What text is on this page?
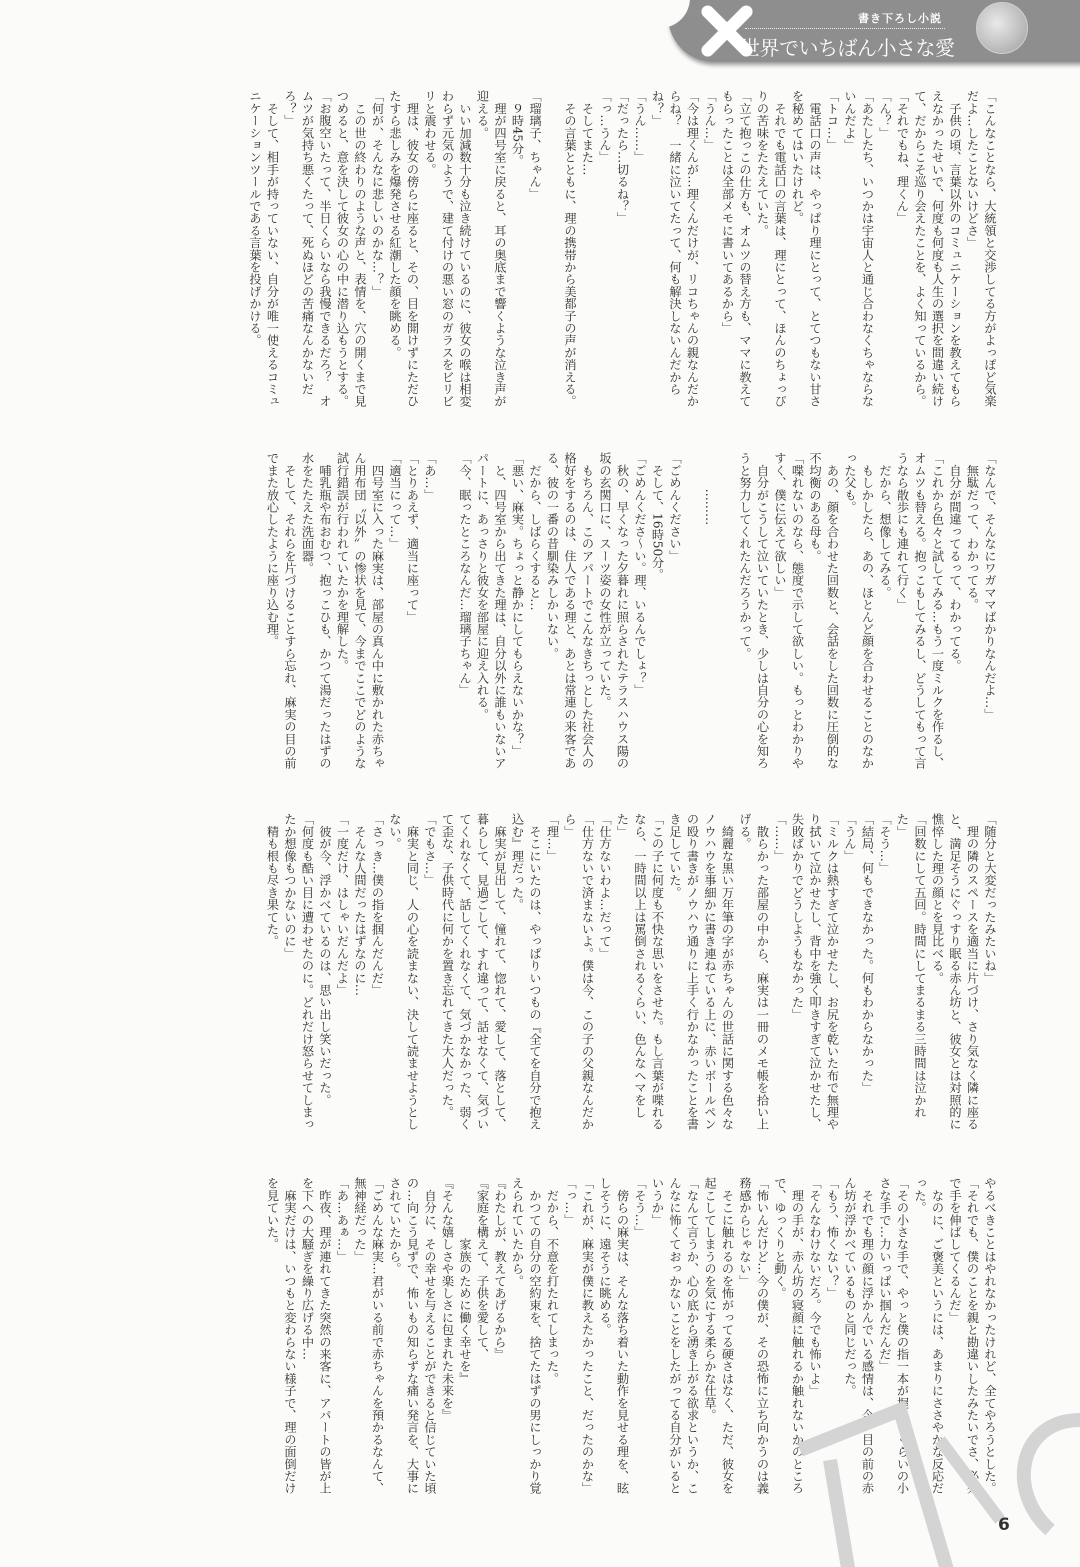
書き下ろし小説
世界でいちばん小さな愛

「こんなことなら、大統領と交渉してる方がよっぽど気楽だよ…したことないけどさ」

　子供の頃、言葉以外のコミュニケーションを教えてもらえなかったせいで、何度も何度も人生の選択を間違い続けて、だからこそ巡り会えたことを、よく知っているから。

「それでもね、理くん」

「ん？」

「あたしたち、いつかは宇宙人と通じ合わなくちゃならないんだよ」

「トコ…」

　電話口の声は、やっぱり理にとって、とてつもない甘さを秘めてはいたけれど。

　それでも電話口の言葉は、理にとって、ほんのちょっぴりの苦味をたたえていた。

「立て抱っこの仕方も、オムツの替え方も、ママに教えてもらったことは全部メモに書いてあるから」

「うん…」

「今は理くんが…理くんだけが、リコちゃんの親なんだからね？　一緒に泣いてたって、何も解決しないんだからね？」

「うん……」

「だったら…切るね？」

「っ…うん」

　そしてまた…

　その言葉とともに、理の携帯から美都子の声が消える。

「瑠璃子、ちゃん」

　９時45分。

　理が四号室に戻ると、耳の奥底まで響くような泣き声が迎える。

　いい加減数十分も泣き続けているのに、彼女の喉は相変わらず元気のようで、建て付けの悪い窓のガラスをビリビリと震わせる。

　理は、彼女の傍らに座ると、その、目を開けずにただひたすら悲しみを爆発させる紅潮した顔を眺める。

「何が、そんなに悲しいのかな…？」

　この世の終わりのような声と、表情を、穴の開くまで見つめると、意を決して彼女の心の中に潜り込もうとする。

「お腹空いたって、半日くらいなら我慢できるだろ？　オムツが気持ち悪くたって、死ぬほどの苦痛なんかないだろ？」

　そして、相手が持っていない、自分が唯一使えるコミュニケーションツールである言葉を投げかける。

「なんで、そんなにワガママばかりなんだよ…」

　無駄だって、わかってる。

　自分が間違ってるって、わかってる。

「これから色々と試してみる…もう一度ミルクを作るし、オムツも替える。抱っこもしてみるし、どうしてもって言うなら散歩にも連れて行く」

　だから、想像してみる。

　もしかしたら、あの、ほとんど顔を合わせることのなかった父も。

　あの、顔を合わせた回数と、会話をした回数に圧倒的な不均衡のある母も。

「喋れないのなら、態度で示して欲しい。もっとわかりやすく、僕に伝えて欲しい」

　自分がこうして泣いていたとき、少しは自分の心を知ろうと努力してくれたんだろうかって。

　　　………

「ごめんください」

　そして、16時50分。

「ごめんくださ～い。理、いるんでしょ？」

　秋の、早くなった夕暮れに照らされたテラスハウス陽の坂の玄関口に、スーツ姿の女性が立っていた。

　もちろん、このアパートでこんなきちっとした社会人の格好をするのは、住人である理と、あとは常連の来客である、彼の一番の昔馴染みしかいない。

　だから、しばらくすると…

「悪い、麻実。ちょっと静かにしてもらえないかな？」

　と、四号室から出てきた理は、自分以外に誰もいないアパートに、あっさりと彼女を部屋に迎え入れる。

「今、眠ったところなんだ…瑠璃子ちゃん」

「あ…」

「とりあえず、適当に座って」

「適当にって…」

　四号室に入った麻実は、部屋の真ん中に敷かれた赤ちゃん用布団〝以外〟の惨状を見て、今までここでどのような試行錯誤が行われていたかを理解した。

　哺乳瓶や布おむつ、抱っこひも、かつて湯だったはずの水をたたえた洗面器。

　そして、それらを片づけることすら忘れ、麻実の目の前でまた放心したように座り込む理。

「随分と大変だったみたいね」

　理の隣のスペースを適当に片づけ、さり気なく隣に座ると、満足そうにぐっすり眠る赤ん坊と、彼女とは対照的に憔悴した理の顔とを見比べる。

「回数にして五回。時間にしてまるまる三時間は泣かれた」

「そう…」

「結局、何もできなかった。何もわからなかった」

「うん」

「ミルクは熱すぎて泣かせたし、お尻を乾いた布で無理やり拭いて泣かせたし、背中を強く叩きすぎて泣かせたし、失敗ばかりでどうしようもなかった」

「……」

　散らかった部屋の中から、麻実は一冊のメモ帳を拾い上げる。

　綺麗な黒い万年筆の字が赤ちゃんの世話に関する色々なノウハウを事細かに書き連ねている上に、赤いボールペンの殴り書きがノウハウ通りに上手く行かなかったことを書き足していた。

「この子に何度も不快な思いをさせた。もし言葉が喋れるなら、一時間以上は罵倒されるくらい、色んなヘマをした」

「仕方ないわよ…だって」

「仕方ないで済まないよ。僕は今、この子の父親なんだから」

「理…」

　そこにいたのは、やっぱりいつもの『全てを自分で抱え込む』理だった。

　麻実が見出して、憧れて、惚れて、愛して、落として、暮らして、見過ごして、すれ違って、話せなくて、気づいてくれなくて、話してくれなくて、気づかなかった、弱くて歪な、子供時代に何かを置き忘れてきた大人だった。

「でもさ…」

　麻実と同じ、人の心を読まない、決して読ませようとしない。

「さっき…僕の指を掴んだんだ」

　そんな人間だったはずなのに…

「一度だけ、はしゃいだんだよ」

　彼が今、浮かべているのは、思い出し笑いだった。

「何度も酷い目に遭わせたのに。どれだけ怒らせてしまったか想像もつかないのに」

　精も根も尽き果てた。

やるべきことはやれなかったけれど、全てやろうとした。

「それでも、僕のことを親と勘違いしたみたいでさ、必死で手を伸ばしてくるんだ」

　なのに、ご褒美というには、あまりにささやかな反応だった。

「その小さな手で、やっと僕の指一本が握れるくらいの小さな手で…力いっぱい掴んだんだ」

　それでも理の顔に浮かんでいる感情は、今、目の前の赤ん坊が浮かべているものと同じだった。

「もう、怖くない？」

「そんなわけないだろ。今でも怖いよ」

　理の手が、赤ん坊の寝顔に触れるか触れないかのところで、ゆっくりと動く。

「怖いんだけど…今の僕が、その恐怖に立ち向かうのは義務感からじゃない」

　そこに触れるのを怖がってる硬さはなく、ただ、彼女を起こしてしまうのを気にする柔らかな仕草。

「なんて言うか、心の底から湧き上がる欲求というか、こんなに怖くておっかないことをしたがってる自分がいるというか」

「そう…」

　傍らの麻実は、そんな落ち着いた動作を見せる理を、眩しそうに、遠そうに眺める。

「これが、麻実が僕に教えたかったこと、だったのかな」

「っ…」

　だから、不意を打たれてしまった。

　かつての自分の空約束を、捨てたはずの男にしっかり覚えられていたから。

『わたしが、教えてあげるから』

『家庭を構えて、子供を愛して、

　　　　　家族のために働く幸せを』

『そんな嬉しさや楽しさに包まれた未来を』

　自分に、その幸せを与えることができると信じていた頃の…向こう見ずで、怖いもの知らずな痛い発言を、大事にされていたから。

「ごめんな麻実…君がいる前で赤ちゃんを預かるなんて、無神経だった」

「あ…あぁ…」

　昨夜、理が連れてきた突然の来客に、アパートの皆が上を下への大騒ぎを繰り広げる中…

　麻実だけは、いつもと変わらない様子で、理の面倒だけを見ていた。

6
